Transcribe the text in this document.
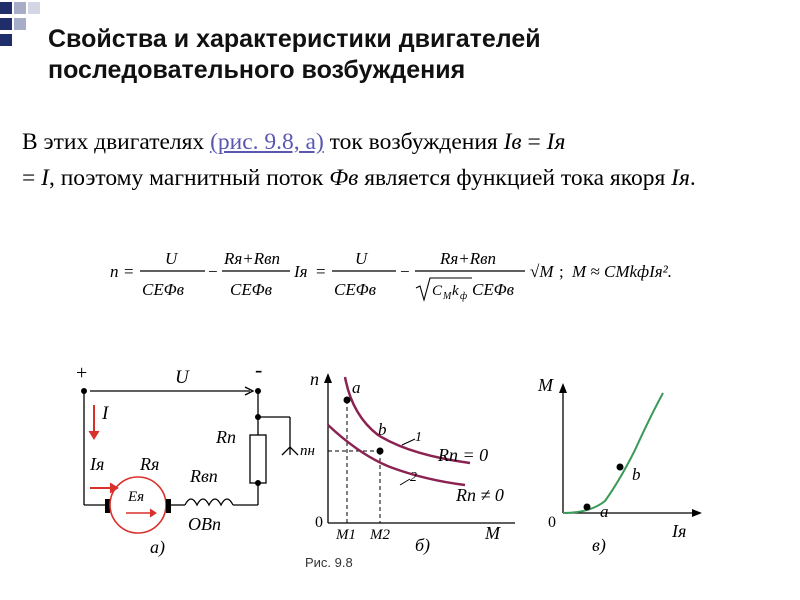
Свойства и характеристики двигателей
последовательного возбуждения
В этих двигателях (рис. 9.8, а) ток возбуждения Iв = Iя
= I, поэтому магнитный поток Фв является функцией тока якоря Iя.
n =
U
CEΦв
−
Rя+Rвп
CEΦв
Iя =
U
CEΦв
−
Rя+Rвп
C M k ф CEΦв
√M ; M ≈ CMkфIя².
+	-
U
I
Iя Rя
Eя
Rвп
OBп
Rп
а)
n
M
0
nн
M1 M2
a
b 1
2
Rп = 0
Rп ≠ 0
б)
M
Iя
0
a
b
в)
Рис. 9.8
